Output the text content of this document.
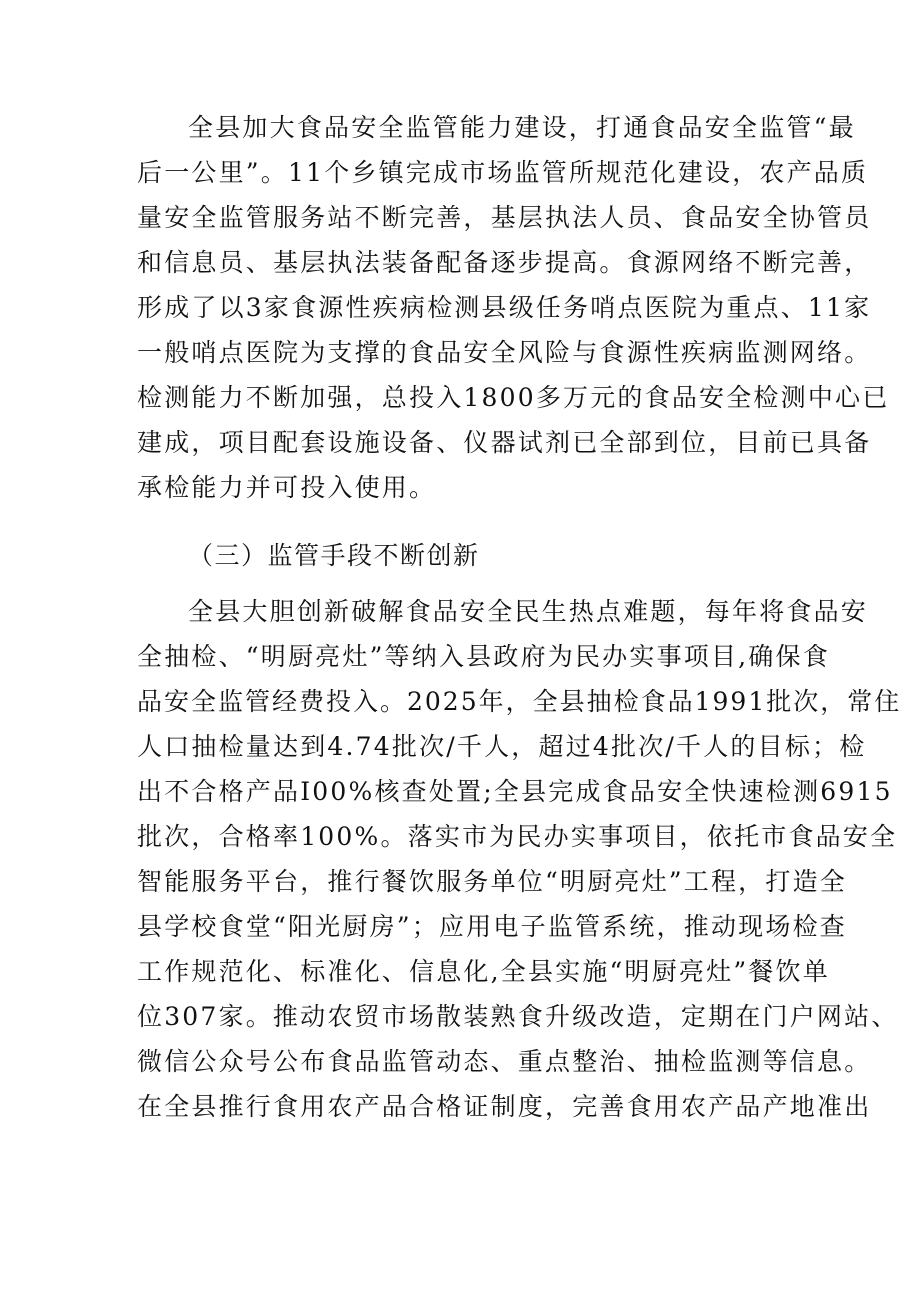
全县加大食品安全监管能力建设，打通食品安全监管“最
后一公里”。11个乡镇完成市场监管所规范化建设，农产品质
量安全监管服务站不断完善，基层执法人员、食品安全协管员
和信息员、基层执法装备配备逐步提高。食源网络不断完善，
形成了以3家食源性疾病检测县级任务哨点医院为重点、11家
一般哨点医院为支撑的食品安全风险与食源性疾病监测网络。
检测能力不断加强，总投入1800多万元的食品安全检测中心已
建成，项目配套设施设备、仪器试剂已全部到位，目前已具备
承检能力并可投入使用。
（三）监管手段不断创新
全县大胆创新破解食品安全民生热点难题，每年将食品安
全抽检、“明厨亮灶”等纳入县政府为民办实事项目,确保食
品安全监管经费投入。2025年，全县抽检食品1991批次，常住
人口抽检量达到4.74批次/千人，超过4批次/千人的目标；检
出不合格产品I00%核查处置;全县完成食品安全快速检测6915
批次，合格率100%。落实市为民办实事项目，依托市食品安全
智能服务平台，推行餐饮服务单位“明厨亮灶”工程，打造全
县学校食堂“阳光厨房”；应用电子监管系统，推动现场检查
工作规范化、标准化、信息化,全县实施“明厨亮灶”餐饮单
位307家。推动农贸市场散装熟食升级改造，定期在门户网站、
微信公众号公布食品监管动态、重点整治、抽检监测等信息。
在全县推行食用农产品合格证制度，完善食用农产品产地准出
